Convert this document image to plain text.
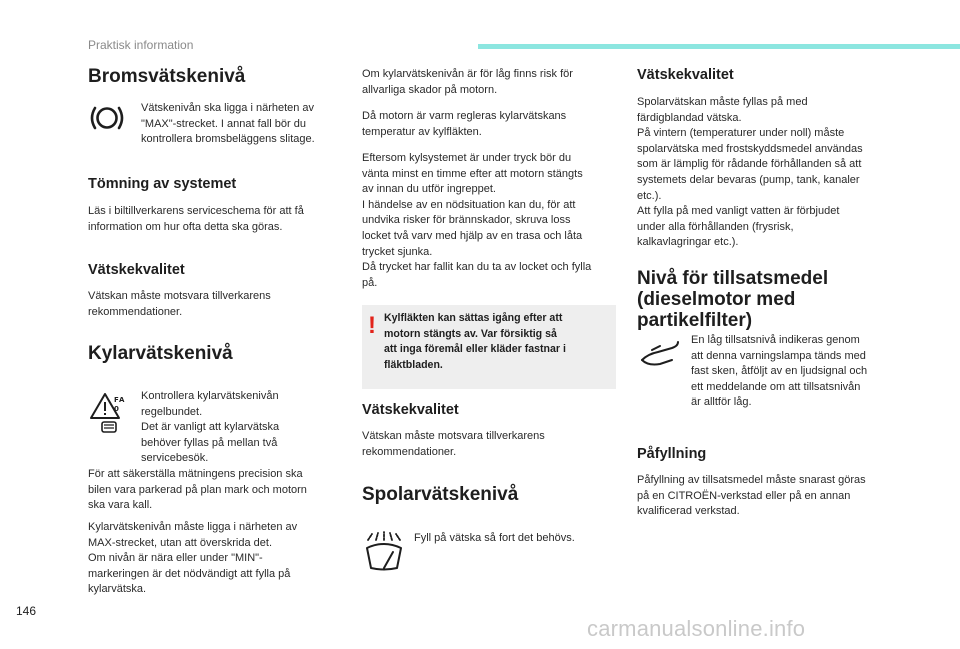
Praktisk information
Bromsvätskenivå

Vätskenivån ska ligga i närheten av
"MAX"-strecket. I annat fall bör du
kontrollera bromsbeläggens slitage.

Tömning av systemet

Läs i biltillverkarens serviceschema för att få
information om hur ofta detta ska göras.

Vätskekvalitet

Vätskan måste motsvara tillverkarens
rekommendationer.

Kylarvätskenivå
F A
0

Kontrollera kylarvätskenivån
regelbundet.
Det är vanligt att kylarvätska
behöver fyllas på mellan två
servicebesök.

För att säkerställa mätningens precision ska
bilen vara parkerad på plan mark och motorn
ska vara kall.

Kylarvätskenivån måste ligga i närheten av
MAX-strecket, utan att överskrida det.
Om nivån är nära eller under "MIN"-
markeringen är det nödvändigt att fylla på
kylarvätska.

Om kylarvätskenivån är för låg finns risk för
allvarliga skador på motorn.

Då motorn är varm regleras kylarvätskans
temperatur av kylfläkten.

Eftersom kylsystemet är under tryck bör du
vänta minst en timme efter att motorn stängts
av innan du utför ingreppet.
I händelse av en nödsituation kan du, för att
undvika risker för brännskador, skruva loss
locket två varv med hjälp av en trasa och låta
trycket sjunka.
Då trycket har fallit kan du ta av locket och fylla
på.

! Kylfläkten kan sättas igång efter att
motorn stängts av. Var försiktig så
att inga föremål eller kläder fastnar i
fläktbladen.
Vätskekvalitet

Vätskan måste motsvara tillverkarens
rekommendationer.

Spolarvätskenivå

Fyll på vätska så fort det behövs.

Vätskekvalitet

Spolarvätskan måste fyllas på med
färdigblandad vätska.
På vintern (temperaturer under noll) måste
spolarvätska med frostskyddsmedel användas
som är lämplig för rådande förhållanden så att
systemets delar bevaras (pump, tank, kanaler
etc.).
Att fylla på med vanligt vatten är förbjudet
under alla förhållanden (frysrisk,
kalkavlagringar etc.).

Nivå för tillsatsmedel
(dieselmotor med
partikelfilter)

En låg tillsatsnivå indikeras genom
att denna varningslampa tänds med
fast sken, åtföljt av en ljudsignal och
ett meddelande om att tillsatsnivån
är alltför låg.

Påfyllning

Påfyllning av tillsatsmedel måste snarast göras
på en CITROËN-verkstad eller på en annan
kvalificerad verkstad.

146
carmanualsonline.info
